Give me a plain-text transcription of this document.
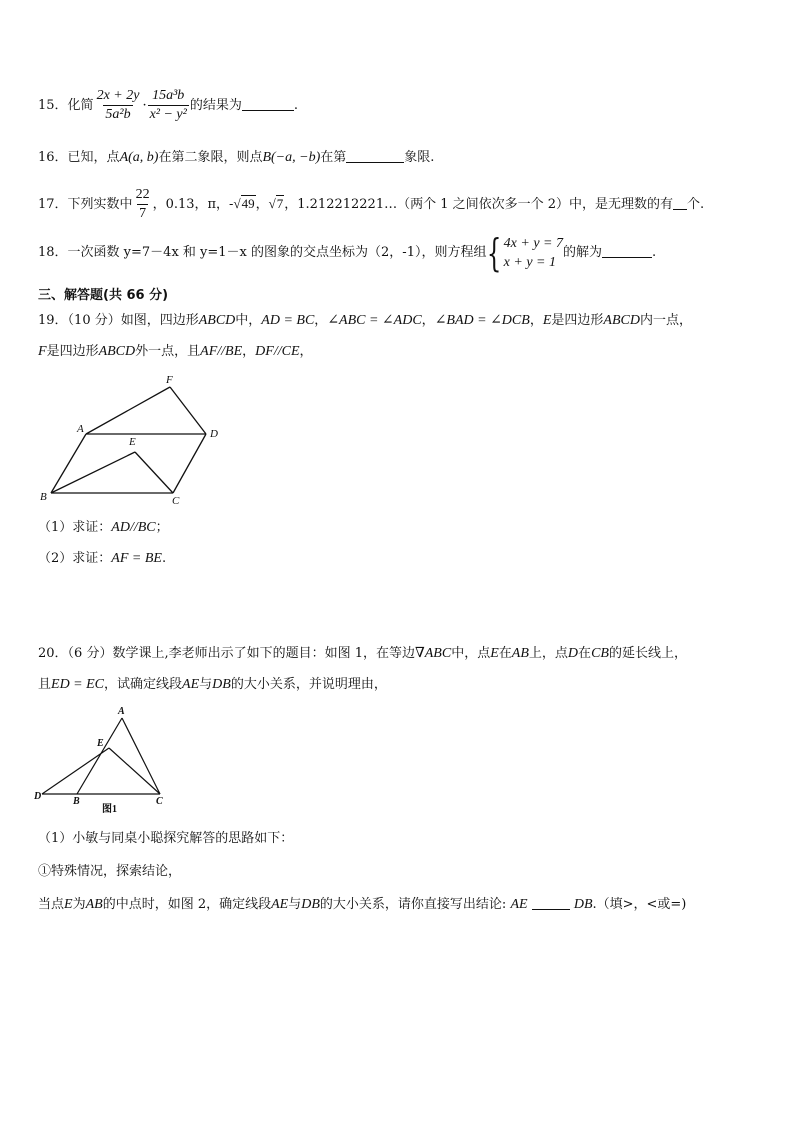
15．化简 $\frac{2x + 2y}{\text{5a²b}} \cdot \frac{\text{15a³b}}{\text{x² − y²}}$ 的结果为	.
16．已知，点A(a, b)在第二象限，则点B(−a, −b)在第	象限.
17．下列实数中 $\frac{22}{7}$ ，0.13，π，-√49，√7，1.212212221…（两个 1 之间依次多一个 2）中，是无理数的有 个.
18．一次函数 y=7－4x 和 y=1－x 的图象的交点坐标为（2，-1），则方程组 { 4x + y = 7
x + y = 1
的解为	.
三、解答题(共 66 分)
19．（10 分）如图，四边形ABCD中，AD = BC，∠ABC = ∠ADC，∠BAD = ∠DCB，E是四边形ABCD内一点，
F是四边形ABCD外一点，且AF//BE，DF//CE，
F
A	D
E
B	C
（1）求证：AD//BC；
（2）求证：AF = BE.
20．（6 分）数学课上,李老师出示了如下的题目：如图 1，在等边∇ABC中，点E在AB上，点D在CB的延长线上，
且ED = EC，试确定线段AE与DB的大小关系，并说明理由，
A
E
D	B	C
图1
（1）小敏与同桌小聪探究解答的思路如下：
①特殊情况，探索结论，
当点E为AB的中点时，如图 2，确定线段AE与DB的大小关系，请你直接写出结论: AE	DB.（填>，<或=)
